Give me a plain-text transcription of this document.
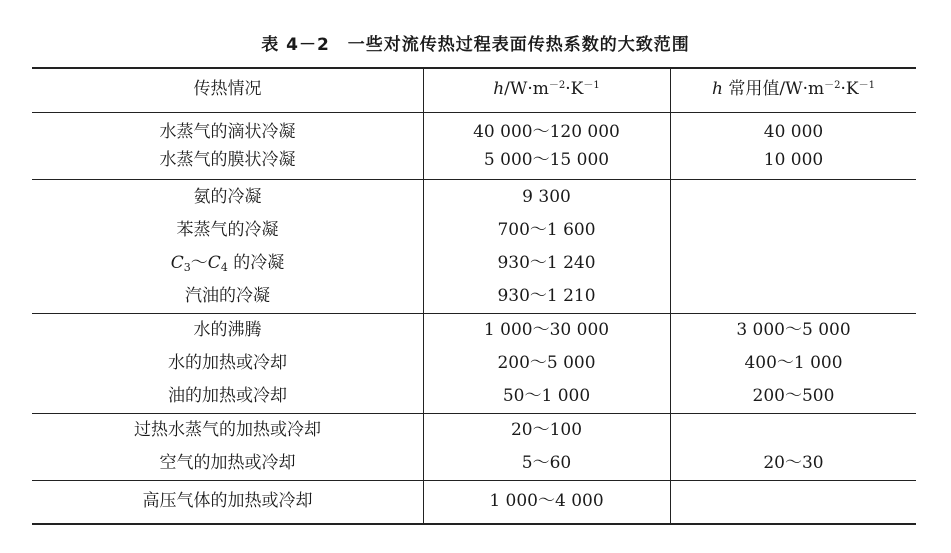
表 4－2　一些对流传热过程表面传热系数的大致范围
传热情况	$h/W\cdot m^{-2}\cdot K^{-1}$	h 常用值$/W\cdot m^{-2}\cdot K^{-1}$
水蒸气的滴状冷凝	40 000～120 000	40 000
水蒸气的膜状冷凝	5 000～15 000	10 000
氨的冷凝	9 300
苯蒸气的冷凝	700～1 600
$C_3\sim C_4$ 的冷凝	930～1 240
汽油的冷凝	930～1 210
水的沸腾	1 000～30 000	3 000～5 000
水的加热或冷却	200～5 000	400～1 000
油的加热或冷却	50～1 000	200～500
过热水蒸气的加热或冷却	20～100
空气的加热或冷却	5～60	20～30
高压气体的加热或冷却	1 000～4 000
